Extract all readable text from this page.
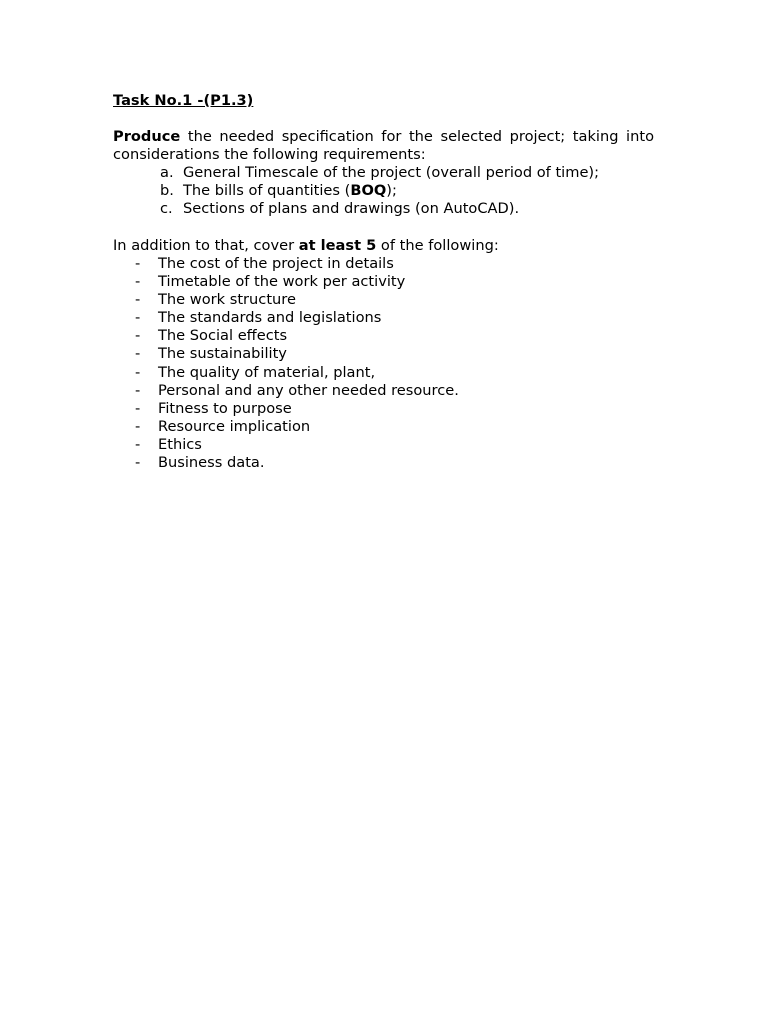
Task No.1 -(P1.3)
Produce the needed specification for the selected project; taking into
considerations the following requirements:
a. General Timescale of the project (overall period of time);
b. The bills of quantities (BOQ);
c. Sections of plans and drawings (on AutoCAD).
In addition to that, cover at least 5 of the following:
- The cost of the project in details
- Timetable of the work per activity
- The work structure
- The standards and legislations
- The Social effects
- The sustainability
- The quality of material, plant,
- Personal and any other needed resource.
- Fitness to purpose
- Resource implication
- Ethics
- Business data.
